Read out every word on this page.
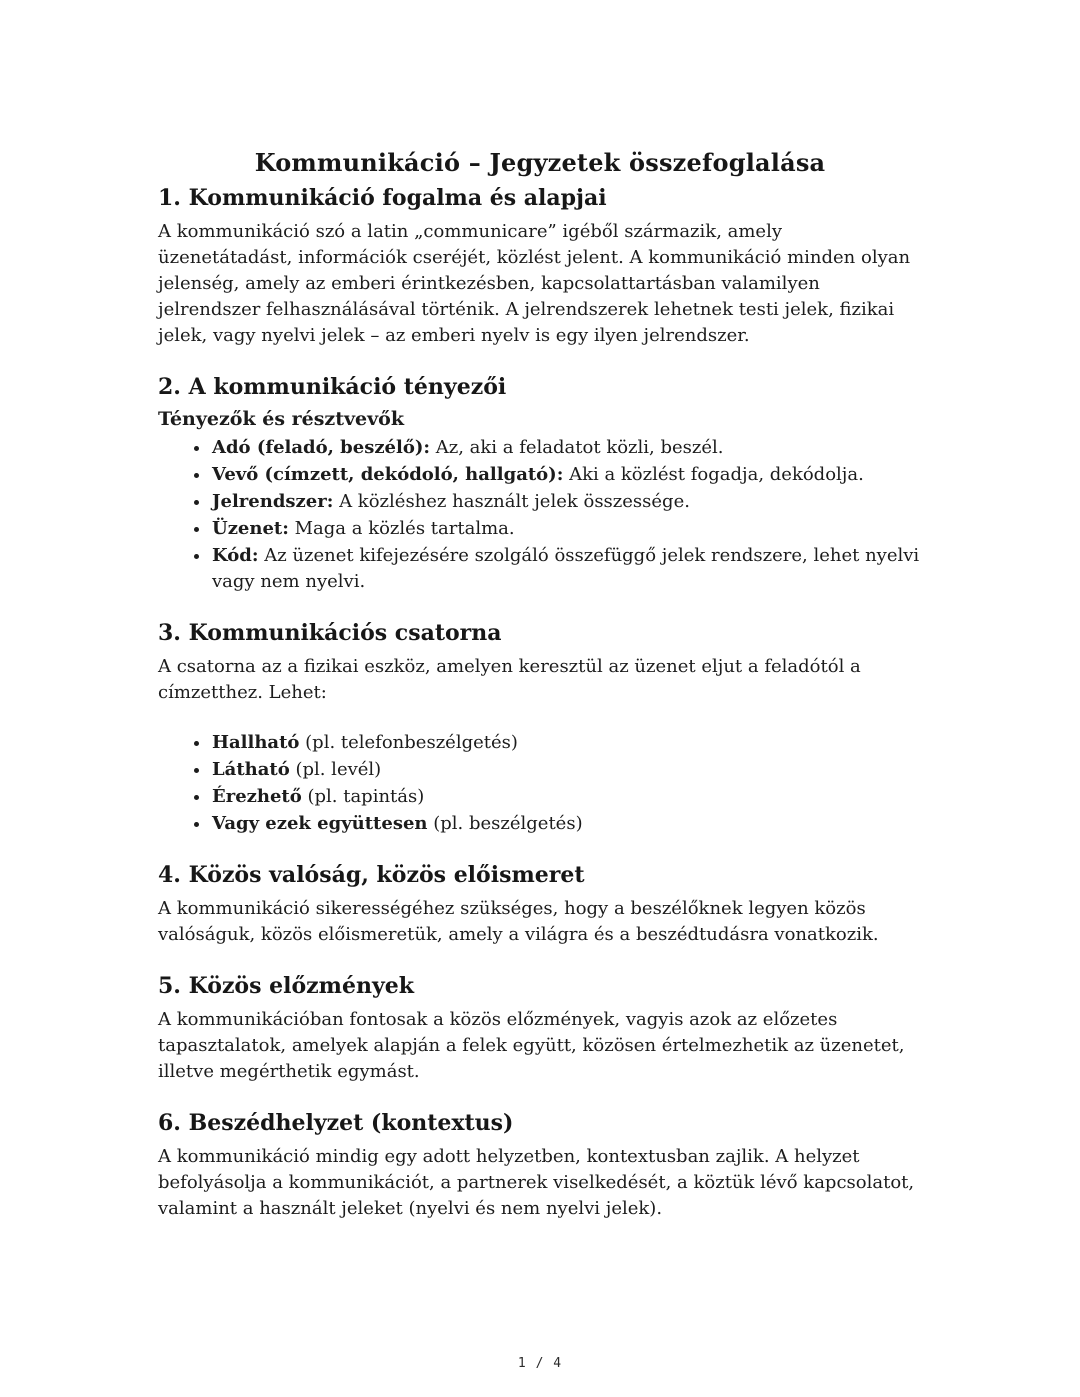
Kommunikáció – Jegyzetek összefoglalása
1. Kommunikáció fogalma és alapjai

A kommunikáció szó a latin „communicare” igéből származik, amely üzenetátadást, információk cseréjét, közlést jelent. A kommunikáció minden olyan jelenség, amely az emberi érintkezésben, kapcsolattartásban valamilyen jelrendszer felhasználásával történik. A jelrendszerek lehetnek testi jelek, fizikai jelek, vagy nyelvi jelek – az emberi nyelv is egy ilyen jelrendszer.

2. A kommunikáció tényezői
Tényezők és résztvevők
• Adó (feladó, beszélő): Az, aki a feladatot közli, beszél.
• Vevő (címzett, dekódoló, hallgató): Aki a közlést fogadja, dekódolja.
• Jelrendszer: A közléshez használt jelek összessége.
• Üzenet: Maga a közlés tartalma.
• Kód: Az üzenet kifejezésére szolgáló összefüggő jelek rendszere, lehet nyelvi vagy nem nyelvi.
3. Kommunikációs csatorna

A csatorna az a fizikai eszköz, amelyen keresztül az üzenet eljut a feladótól a címzetthez. Lehet:

• Hallható (pl. telefonbeszélgetés)
• Látható (pl. levél)
• Érezhető (pl. tapintás)
• Vagy ezek együttesen (pl. beszélgetés)
4. Közös valóság, közös előismeret

A kommunikáció sikerességéhez szükséges, hogy a beszélőknek legyen közös valóságuk, közös előismeretük, amely a világra és a beszédtudásra vonatkozik.

5. Közös előzmények

A kommunikációban fontosak a közös előzmények, vagyis azok az előzetes tapasztalatok, amelyek alapján a felek együtt, közösen értelmezhetik az üzenetet, illetve megérthetik egymást.

6. Beszédhelyzet (kontextus)

A kommunikáció mindig egy adott helyzetben, kontextusban zajlik. A helyzet befolyásolja a kommunikációt, a partnerek viselkedését, a köztük lévő kapcsolatot, valamint a használt jeleket (nyelvi és nem nyelvi jelek).

1 / 4
